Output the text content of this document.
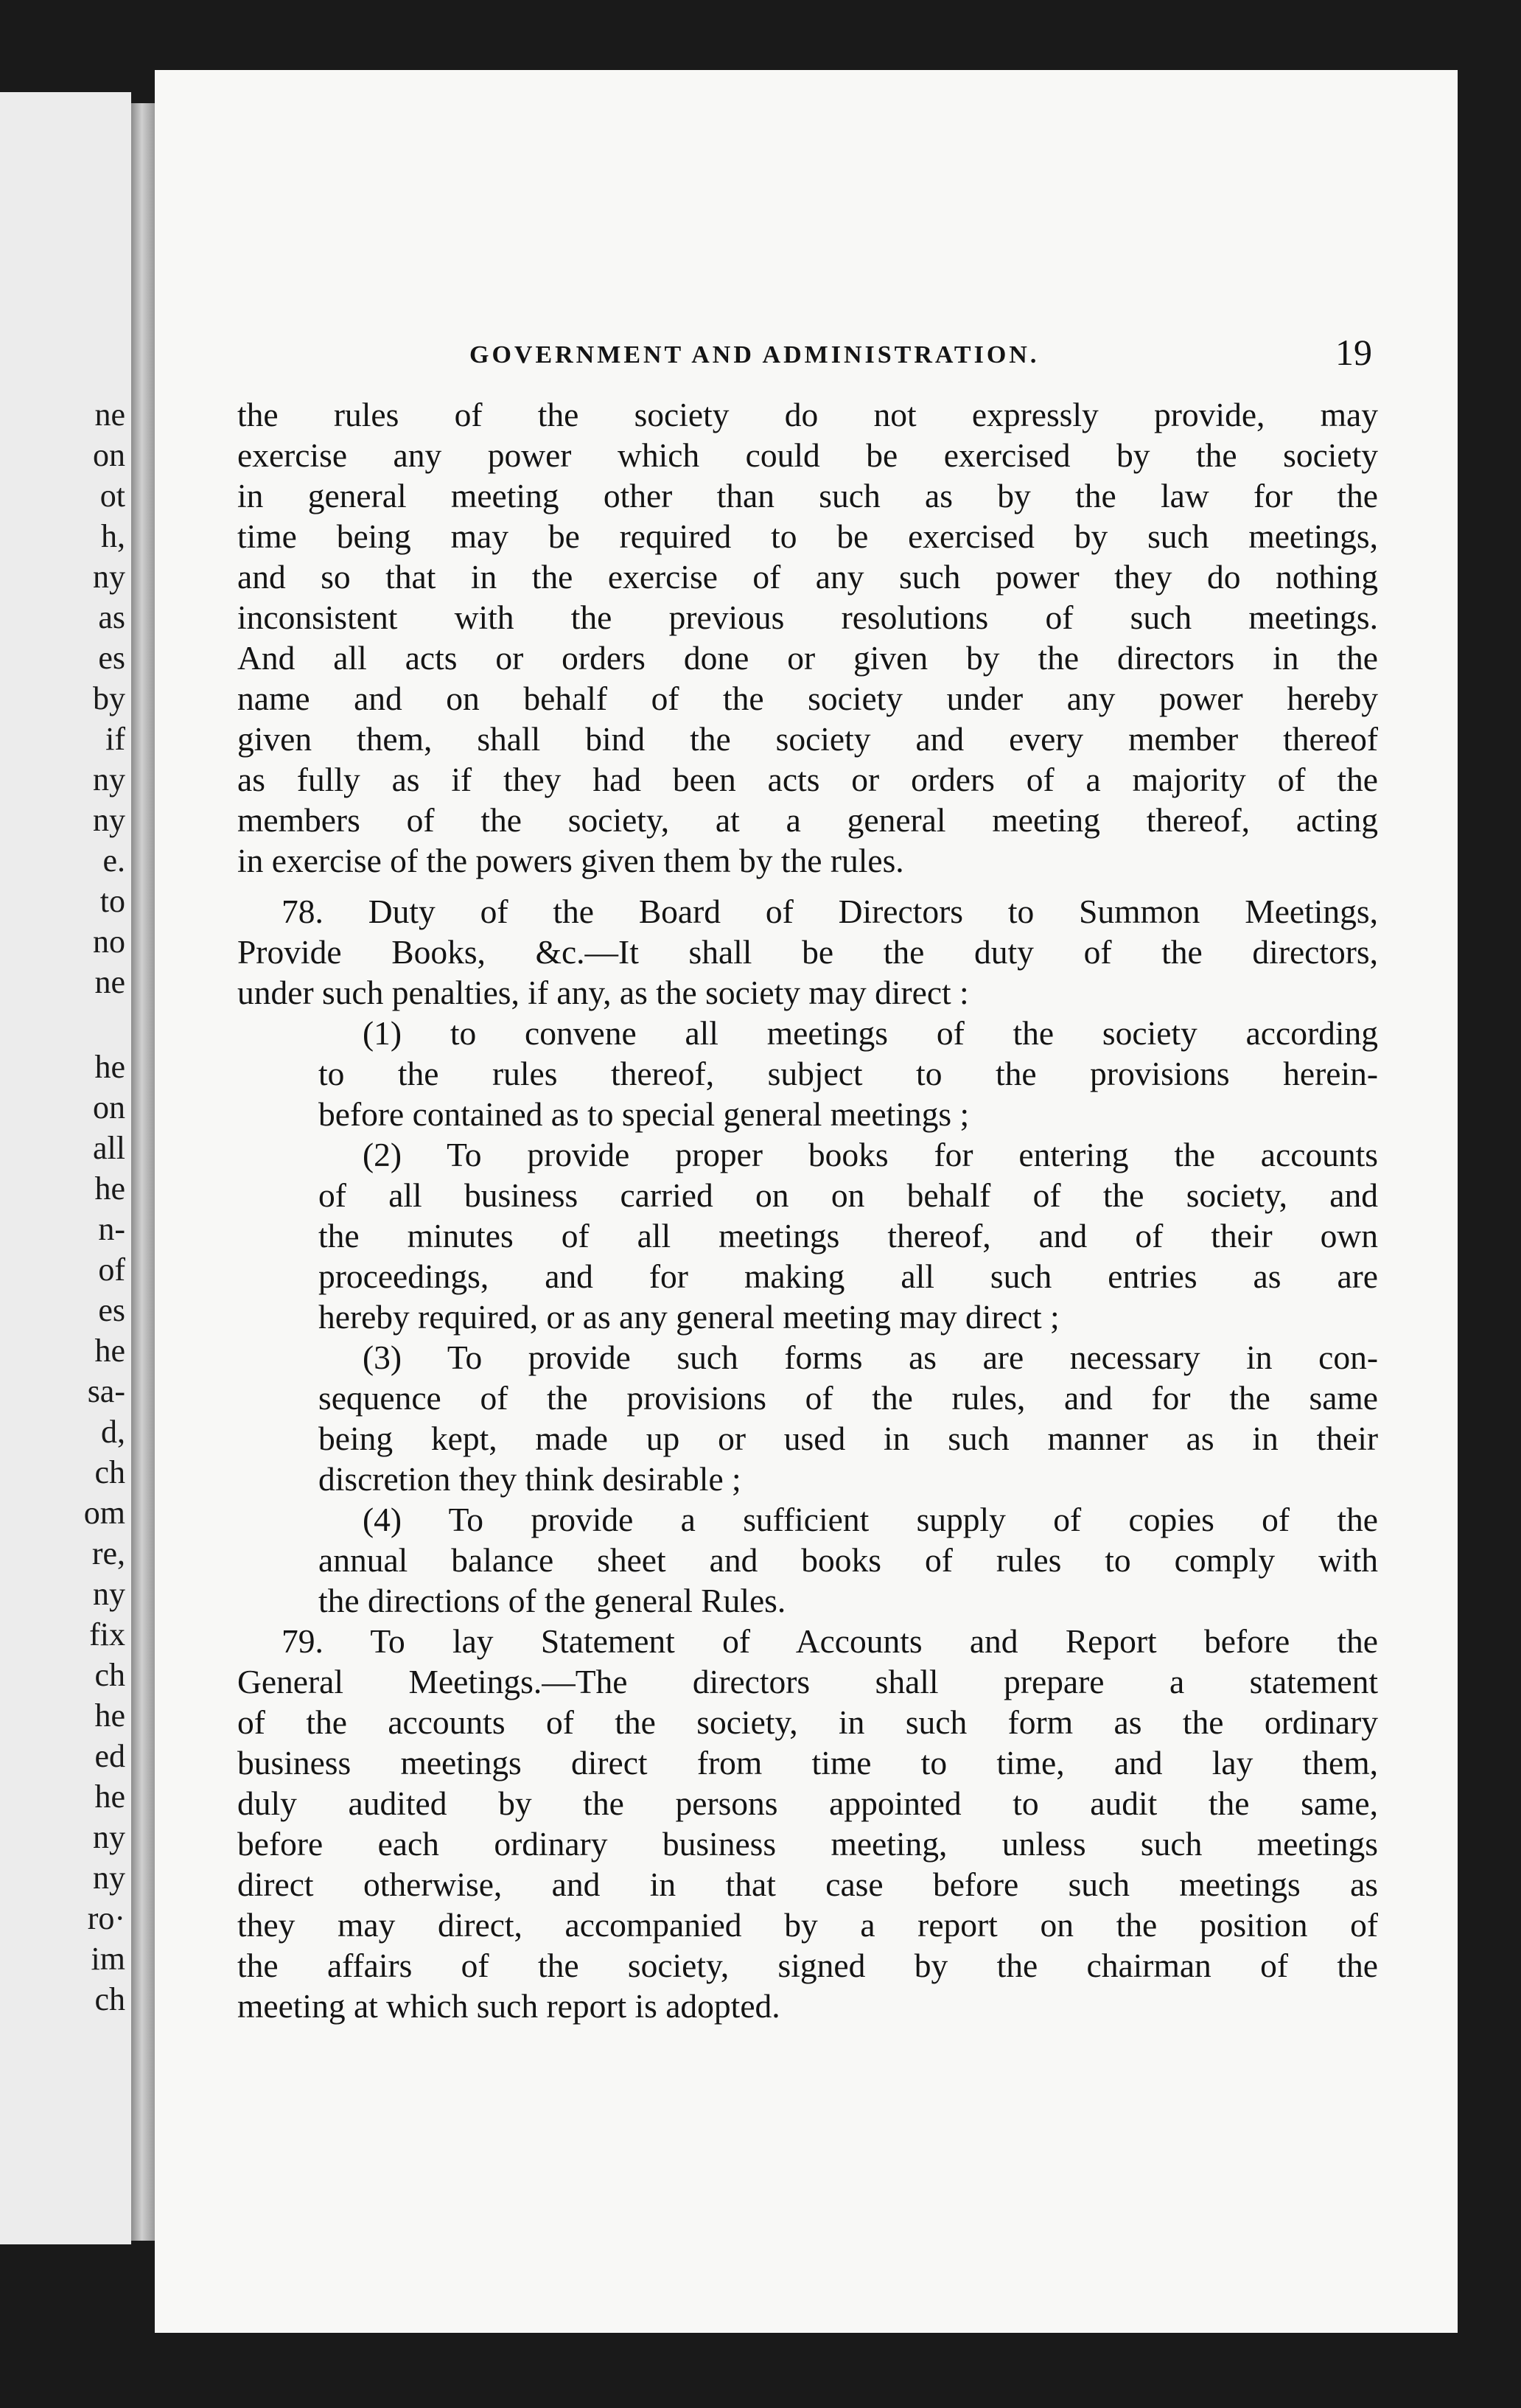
ne
on
ot
h,
ny
as
es
by
if
ny
ny
e.
to
no
ne
he
on
all
he
n-
of
es
he
sa-
d,
ch
om
re,
ny
fix
ch
he
ed
he
ny
ny
ro·
im
ch
GOVERNMENT AND ADMINISTRATION.	19
the rules of the society do not expressly provide, may
exercise any power which could be exercised by the society
in general meeting other than such as by the law for the
time being may be required to be exercised by such meetings,
and so that in the exercise of any such power they do nothing
inconsistent with the previous resolutions of such meetings.
And all acts or orders done or given by the directors in the
name and on behalf of the society under any power hereby
given them, shall bind the society and every member thereof
as fully as if they had been acts or orders of a majority of the
members of the society, at a general meeting thereof, acting
in exercise of the powers given them by the rules.
78. Duty of the Board of Directors to Summon Meetings,
Provide Books, &c.—It shall be the duty of the directors,
under such penalties, if any, as the society may direct :
(1) to convene all meetings of the society according
to the rules thereof, subject to the provisions herein-
before contained as to special general meetings ;
(2) To provide proper books for entering the accounts
of all business carried on on behalf of the society, and
the minutes of all meetings thereof, and of their own
proceedings, and for making all such entries as are
hereby required, or as any general meeting may direct ;
(3) To provide such forms as are necessary in con-
sequence of the provisions of the rules, and for the same
being kept, made up or used in such manner as in their
discretion they think desirable ;
(4) To provide a sufficient supply of copies of the
annual balance sheet and books of rules to comply with
the directions of the general Rules.
79. To lay Statement of Accounts and Report before the
General Meetings.—The directors shall prepare a statement
of the accounts of the society, in such form as the ordinary
business meetings direct from time to time, and lay them,
duly audited by the persons appointed to audit the same,
before each ordinary business meeting, unless such meetings
direct otherwise, and in that case before such meetings as
they may direct, accompanied by a report on the position of
the affairs of the society, signed by the chairman of the
meeting at which such report is adopted.
